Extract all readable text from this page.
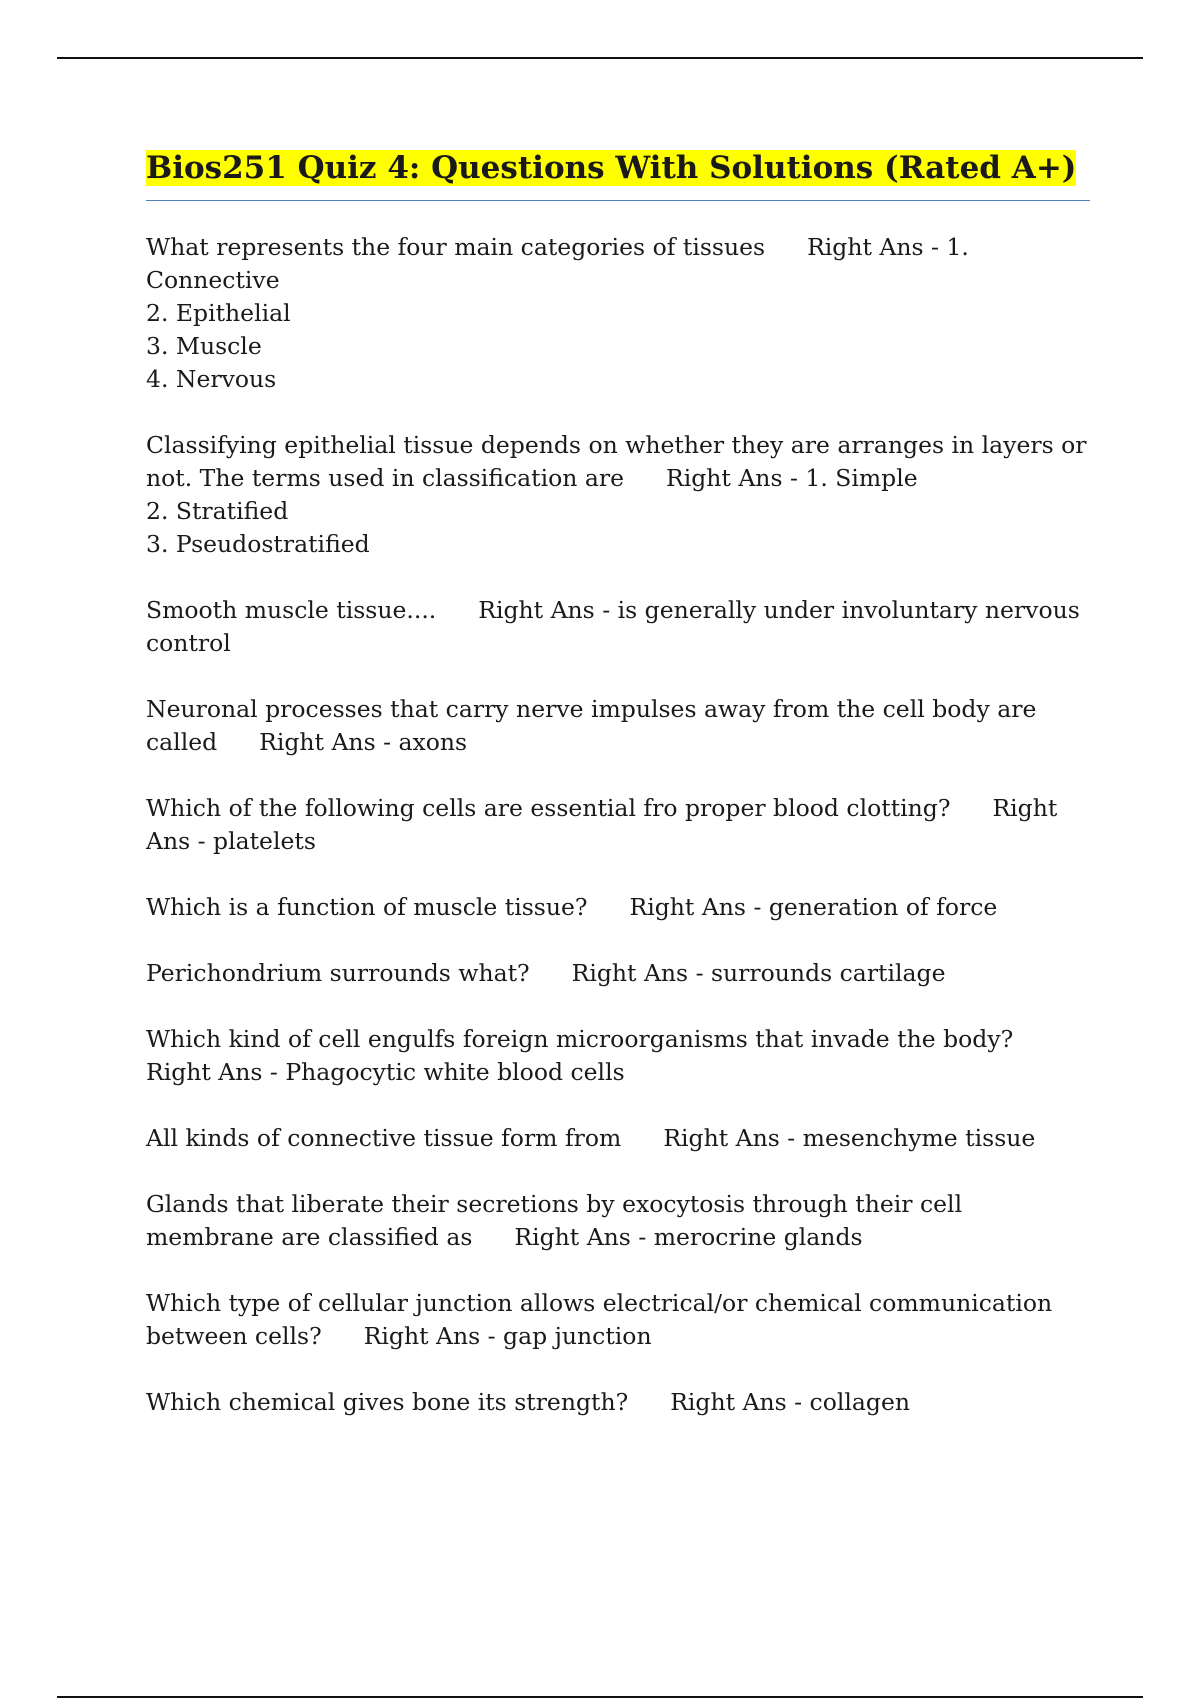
Bios251 Quiz 4: Questions With Solutions (Rated A+)

What represents the four main categories of tissues Right Ans - 1. Connective
2. Epithelial
3. Muscle
4. Nervous

Classifying epithelial tissue depends on whether they are arranges in layers or not. The terms used in classification are Right Ans - 1. Simple
2. Stratified
3. Pseudostratified

Smooth muscle tissue.... Right Ans - is generally under involuntary nervous control

Neuronal processes that carry nerve impulses away from the cell body are called Right Ans - axons

Which of the following cells are essential fro proper blood clotting? Right Ans - platelets

Which is a function of muscle tissue? Right Ans - generation of force

Perichondrium surrounds what? Right Ans - surrounds cartilage

Which kind of cell engulfs foreign microorganisms that invade the body?Right Ans - Phagocytic white blood cells

All kinds of connective tissue form from Right Ans - mesenchyme tissue

Glands that liberate their secretions by exocytosis through their cell membrane are classified as Right Ans - merocrine glands

Which type of cellular junction allows electrical/or chemical communication between cells? Right Ans - gap junction

Which chemical gives bone its strength? Right Ans - collagen
